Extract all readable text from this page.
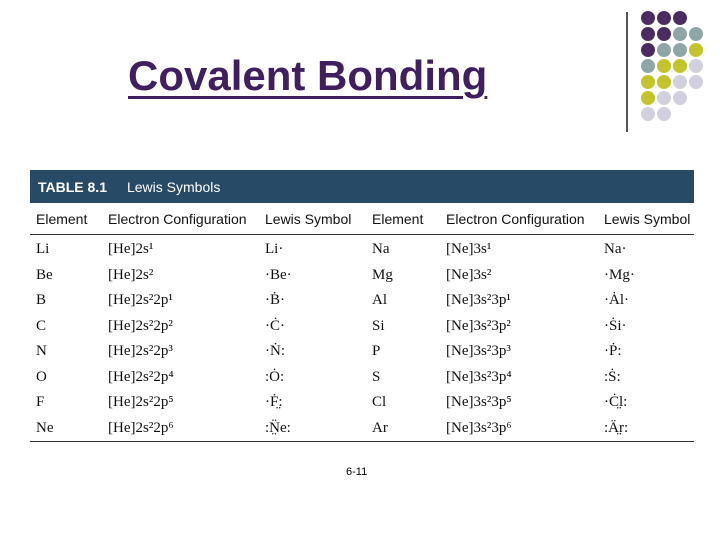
Covalent Bonding
TABLE 8.1 Lewis Symbols
Element	Electron Configuration	Lewis Symbol	Element	Electron Configuration	Lewis Symbol
Li	[He]2s¹	Li·	Na	[Ne]3s¹	Na·
Be	[He]2s²	·Be·	Mg	[Ne]3s²	·Mg·
B	[He]2s²2p¹	·Ḃ·	Al	[Ne]3s²3p¹	·Ȧl·
C	[He]2s²2p²	·Ċ·	Si	[Ne]3s²3p²	·Ṡi·
N	[He]2s²2p³	·Ṅ:	P	[Ne]3s²3p³	·Ṗ:
O	[He]2s²2p⁴	:Ȯ:	S	[Ne]3s²3p⁴	:Ṡ:
F	[He]2s²2p⁵	·Ḟ̤:	Cl	[Ne]3s²3p⁵	·Ċ̤l:
Ne	[He]2s²2p⁶	:N̤̈e:	Ar	[Ne]3s²3p⁶	:Ä̤r:
6-11
